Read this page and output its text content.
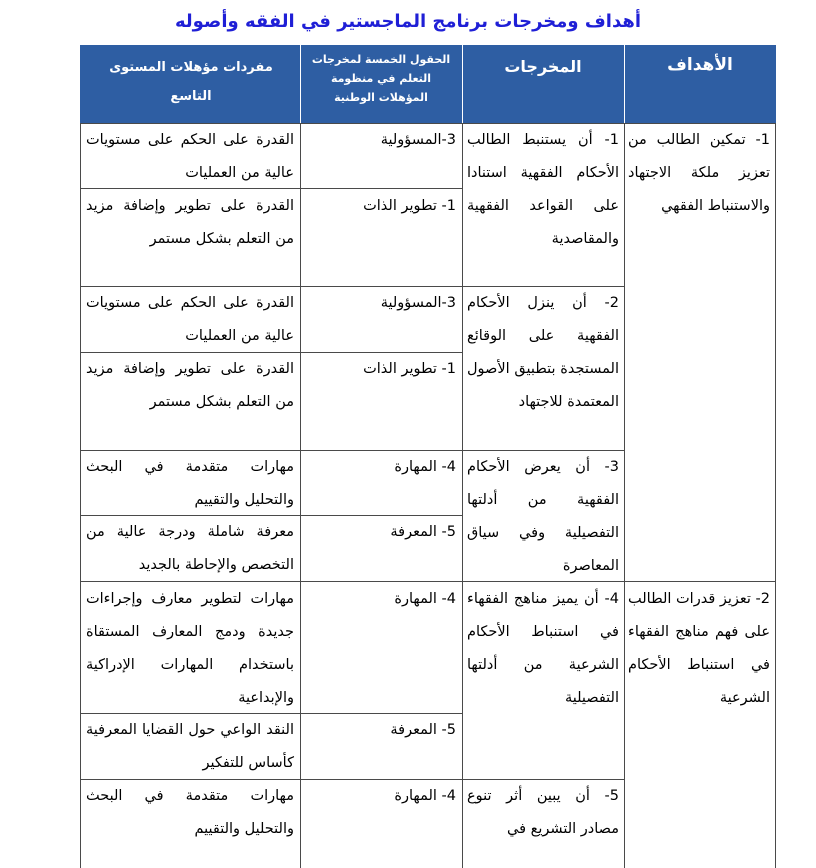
أهداف ومخرجات برنامج الماجستير في الفقه وأصوله
الأهداف
المخرجات
الحقول الخمسة لمخرجات التعلم في منظومة المؤهلات الوطنية
مفردات مؤهلات المستوى التاسع
1- تمكين الطالب من تعزيز ملكة الاجتهاد والاستنباط الفقهي
2- تعزيز قدرات الطالب على فهم مناهج الفقهاء في استنباط الأحكام الشرعية
1- أن يستنبط الطالب الأحكام الفقهية استنادا على القواعد الفقهية والمقاصدية
2- أن ينزل الأحكام الفقهية على الوقائع المستجدة بتطبيق الأصول المعتمدة للاجتهاد
3- أن يعرض الأحكام الفقهية من أدلتها التفصيلية وفي سياق المعاصرة
4- أن يميز مناهج الفقهاء في استنباط الأحكام الشرعية من أدلتها التفصيلية
5- أن يبين أثر تنوع مصادر التشريع في
3-المسؤولية
1- تطوير الذات
3-المسؤولية
1- تطوير الذات
4- المهارة
5- المعرفة
4- المهارة
5- المعرفة
4- المهارة
القدرة على الحكم على مستويات عالية من العمليات
القدرة على تطوير وإضافة مزيد من التعلم بشكل مستمر
القدرة على الحكم على مستويات عالية من العمليات
القدرة على تطوير وإضافة مزيد من التعلم بشكل مستمر
مهارات متقدمة في البحث والتحليل والتقييم
معرفة شاملة ودرجة عالية من التخصص والإحاطة بالجديد
مهارات لتطوير معارف وإجراءات جديدة ودمج المعارف المستقاة باستخدام المهارات الإدراكية والإبداعية
النقد الواعي حول القضايا المعرفية كأساس للتفكير
مهارات متقدمة في البحث والتحليل والتقييم
